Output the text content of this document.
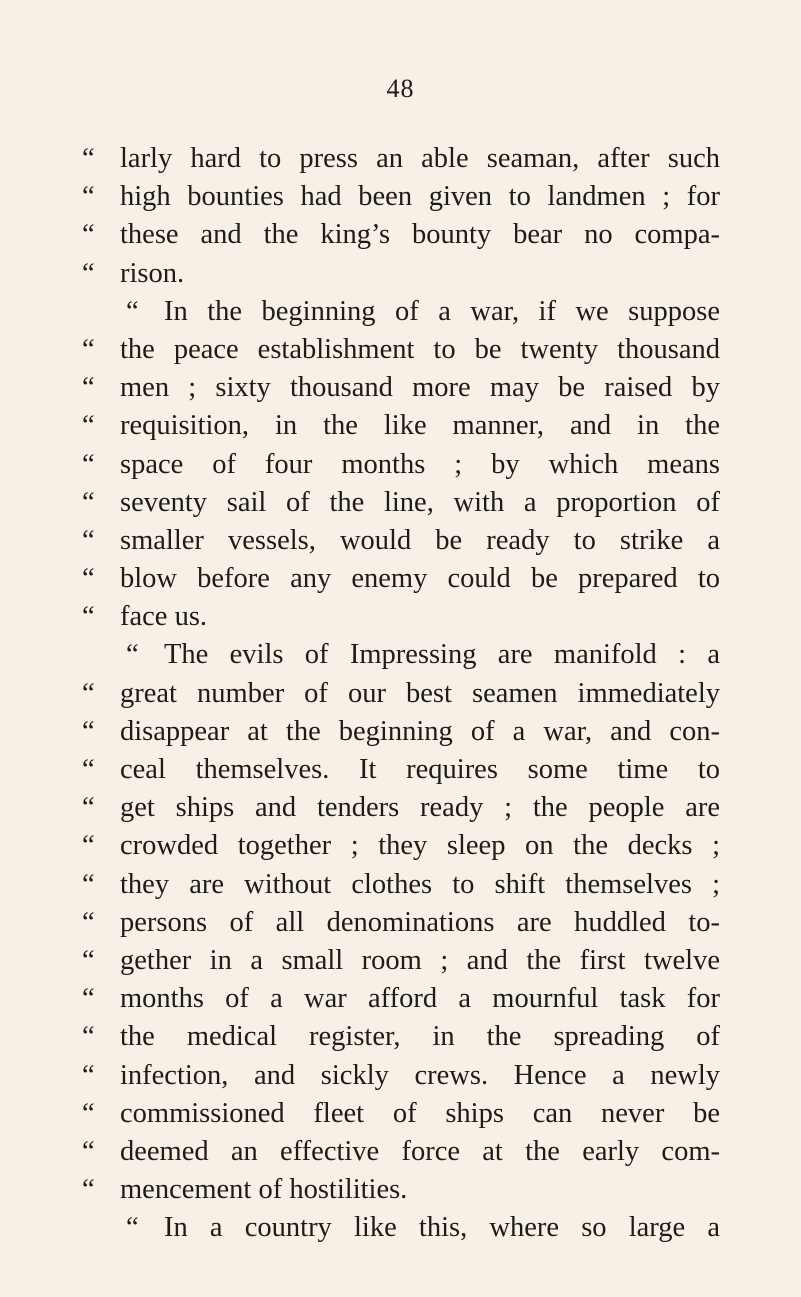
48
“ larly hard to press an able seaman, after such
“ high bounties had been given to landmen ; for
“ these and the king’s bounty bear no compa-
“ rison.
“ In the beginning of a war, if we suppose
“ the peace establishment to be twenty thousand
“ men ; sixty thousand more may be raised by
“ requisition, in the like manner, and in the
“ space of four months ; by which means
“ seventy sail of the line, with a proportion of
“ smaller vessels, would be ready to strike a
“ blow before any enemy could be prepared to
“ face us.
“ The evils of Impressing are manifold : a
“ great number of our best seamen immediately
“ disappear at the beginning of a war, and con-
“ ceal themselves. It requires some time to
“ get ships and tenders ready ; the people are
“ crowded together ; they sleep on the decks ;
“ they are without clothes to shift themselves ;
“ persons of all denominations are huddled to-
“ gether in a small room ; and the first twelve
“ months of a war afford a mournful task for
“ the medical register, in the spreading of
“ infection, and sickly crews. Hence a newly
“ commissioned fleet of ships can never be
“ deemed an effective force at the early com-
“ mencement of hostilities.
“ In a country like this, where so large a
